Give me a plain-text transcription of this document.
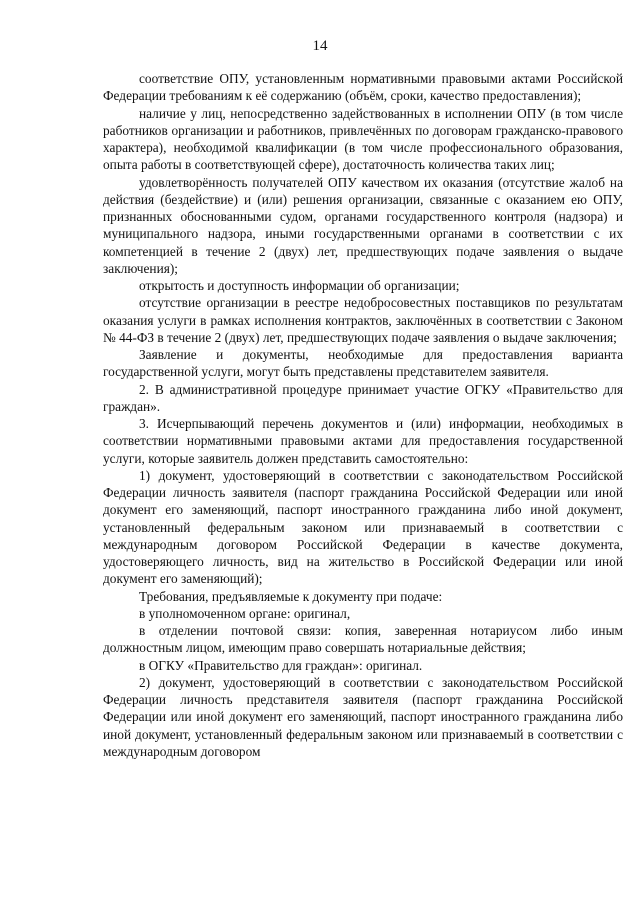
14

соответствие ОПУ, установленным нормативными правовыми актами Российской Федерации требованиям к её содержанию (объём, сроки, качество предоставления);

наличие у лиц, непосредственно задействованных в исполнении ОПУ (в том числе работников организации и работников, привлечённых по договорам гражданско-правового характера), необходимой квалификации (в том числе профессионального образования, опыта работы в соответствующей сфере), достаточность количества таких лиц;

удовлетворённость получателей ОПУ качеством их оказания (отсутствие жалоб на действия (бездействие) и (или) решения организации, связанные с оказанием ею ОПУ, признанных обоснованными судом, органами государственного контроля (надзора) и муниципального надзора, иными государственными органами в соответствии с их компетенцией в течение 2 (двух) лет, предшествующих подаче заявления о выдаче заключения);

открытость и доступность информации об организации;

отсутствие организации в реестре недобросовестных поставщиков по результатам оказания услуги в рамках исполнения контрактов, заключённых в соответствии с Законом № 44-ФЗ в течение 2 (двух) лет, предшествующих подаче заявления о выдаче заключения;

Заявление и документы, необходимые для предоставления варианта государственной услуги, могут быть представлены представителем заявителя.

2. В административной процедуре принимает участие ОГКУ «Правительство для граждан».

3. Исчерпывающий перечень документов и (или) информации, необходимых в соответствии нормативными правовыми актами для предоставления государственной услуги, которые заявитель должен представить самостоятельно:

1) документ, удостоверяющий в соответствии с законодательством Российской Федерации личность заявителя (паспорт гражданина Российской Федерации или иной документ его заменяющий, паспорт иностранного гражданина либо иной документ, установленный федеральным законом или признаваемый в соответствии с международным договором Российской Федерации в качестве документа, удостоверяющего личность, вид на жительство в Российской Федерации или иной документ его заменяющий);

Требования, предъявляемые к документу при подаче:

в уполномоченном органе: оригинал,

в отделении почтовой связи: копия, заверенная нотариусом либо иным должностным лицом, имеющим право совершать нотариальные действия;

в ОГКУ «Правительство для граждан»: оригинал.

2) документ, удостоверяющий в соответствии с законодательством Российской Федерации личность представителя заявителя (паспорт гражданина Российской Федерации или иной документ его заменяющий, паспорт иностранного гражданина либо иной документ, установленный федеральным законом или признаваемый в соответствии с международным договором
